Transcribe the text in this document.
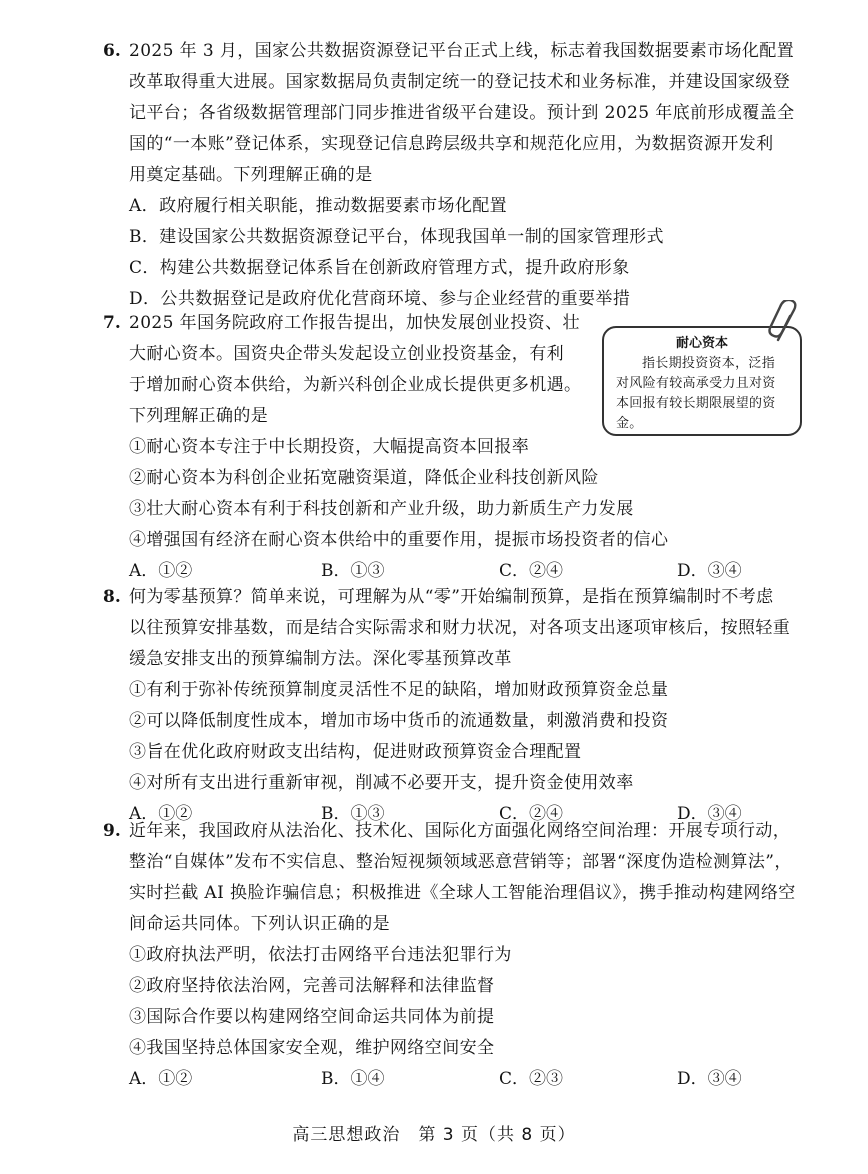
6. 2025 年 3 月，国家公共数据资源登记平台正式上线，标志着我国数据要素市场化配置
改革取得重大进展。国家数据局负责制定统一的登记技术和业务标准，并建设国家级登
记平台；各省级数据管理部门同步推进省级平台建设。预计到 2025 年底前形成覆盖全
国的“一本账”登记体系，实现登记信息跨层级共享和规范化应用，为数据资源开发利
用奠定基础。下列理解正确的是
A．政府履行相关职能，推动数据要素市场化配置
B．建设国家公共数据资源登记平台，体现我国单一制的国家管理形式
C．构建公共数据登记体系旨在创新政府管理方式，提升政府形象
D．公共数据登记是政府优化营商环境、参与企业经营的重要举措
7. 2025 年国务院政府工作报告提出，加快发展创业投资、壮
大耐心资本。国资央企带头发起设立创业投资基金，有利
于增加耐心资本供给，为新兴科创企业成长提供更多机遇。
下列理解正确的是
①耐心资本专注于中长期投资，大幅提高资本回报率
②耐心资本为科创企业拓宽融资渠道，降低企业科技创新风险
③壮大耐心资本有利于科技创新和产业升级，助力新质生产力发展
④增强国有经济在耐心资本供给中的重要作用，提振市场投资者的信心
A．①②	B．①③	C．②④	D．③④
耐心资本
指长期投资资本，泛指对风险有较高承受力且对资本回报有较长期限展望的资金。
8. 何为零基预算？简单来说，可理解为从“零”开始编制预算，是指在预算编制时不考虑
以往预算安排基数，而是结合实际需求和财力状况，对各项支出逐项审核后，按照轻重
缓急安排支出的预算编制方法。深化零基预算改革
①有利于弥补传统预算制度灵活性不足的缺陷，增加财政预算资金总量
②可以降低制度性成本，增加市场中货币的流通数量，刺激消费和投资
③旨在优化政府财政支出结构，促进财政预算资金合理配置
④对所有支出进行重新审视，削减不必要开支，提升资金使用效率
A．①②	B．①③	C．②④	D．③④
9. 近年来，我国政府从法治化、技术化、国际化方面强化网络空间治理：开展专项行动，
整治“自媒体”发布不实信息、整治短视频领域恶意营销等；部署“深度伪造检测算法”，
实时拦截 AI 换脸诈骗信息；积极推进《全球人工智能治理倡议》，携手推动构建网络空
间命运共同体。下列认识正确的是
①政府执法严明，依法打击网络平台违法犯罪行为
②政府坚持依法治网，完善司法解释和法律监督
③国际合作要以构建网络空间命运共同体为前提
④我国坚持总体国家安全观，维护网络空间安全
A．①②	B．①④	C．②③	D．③④
高三思想政治　第 3 页（共 8 页）
